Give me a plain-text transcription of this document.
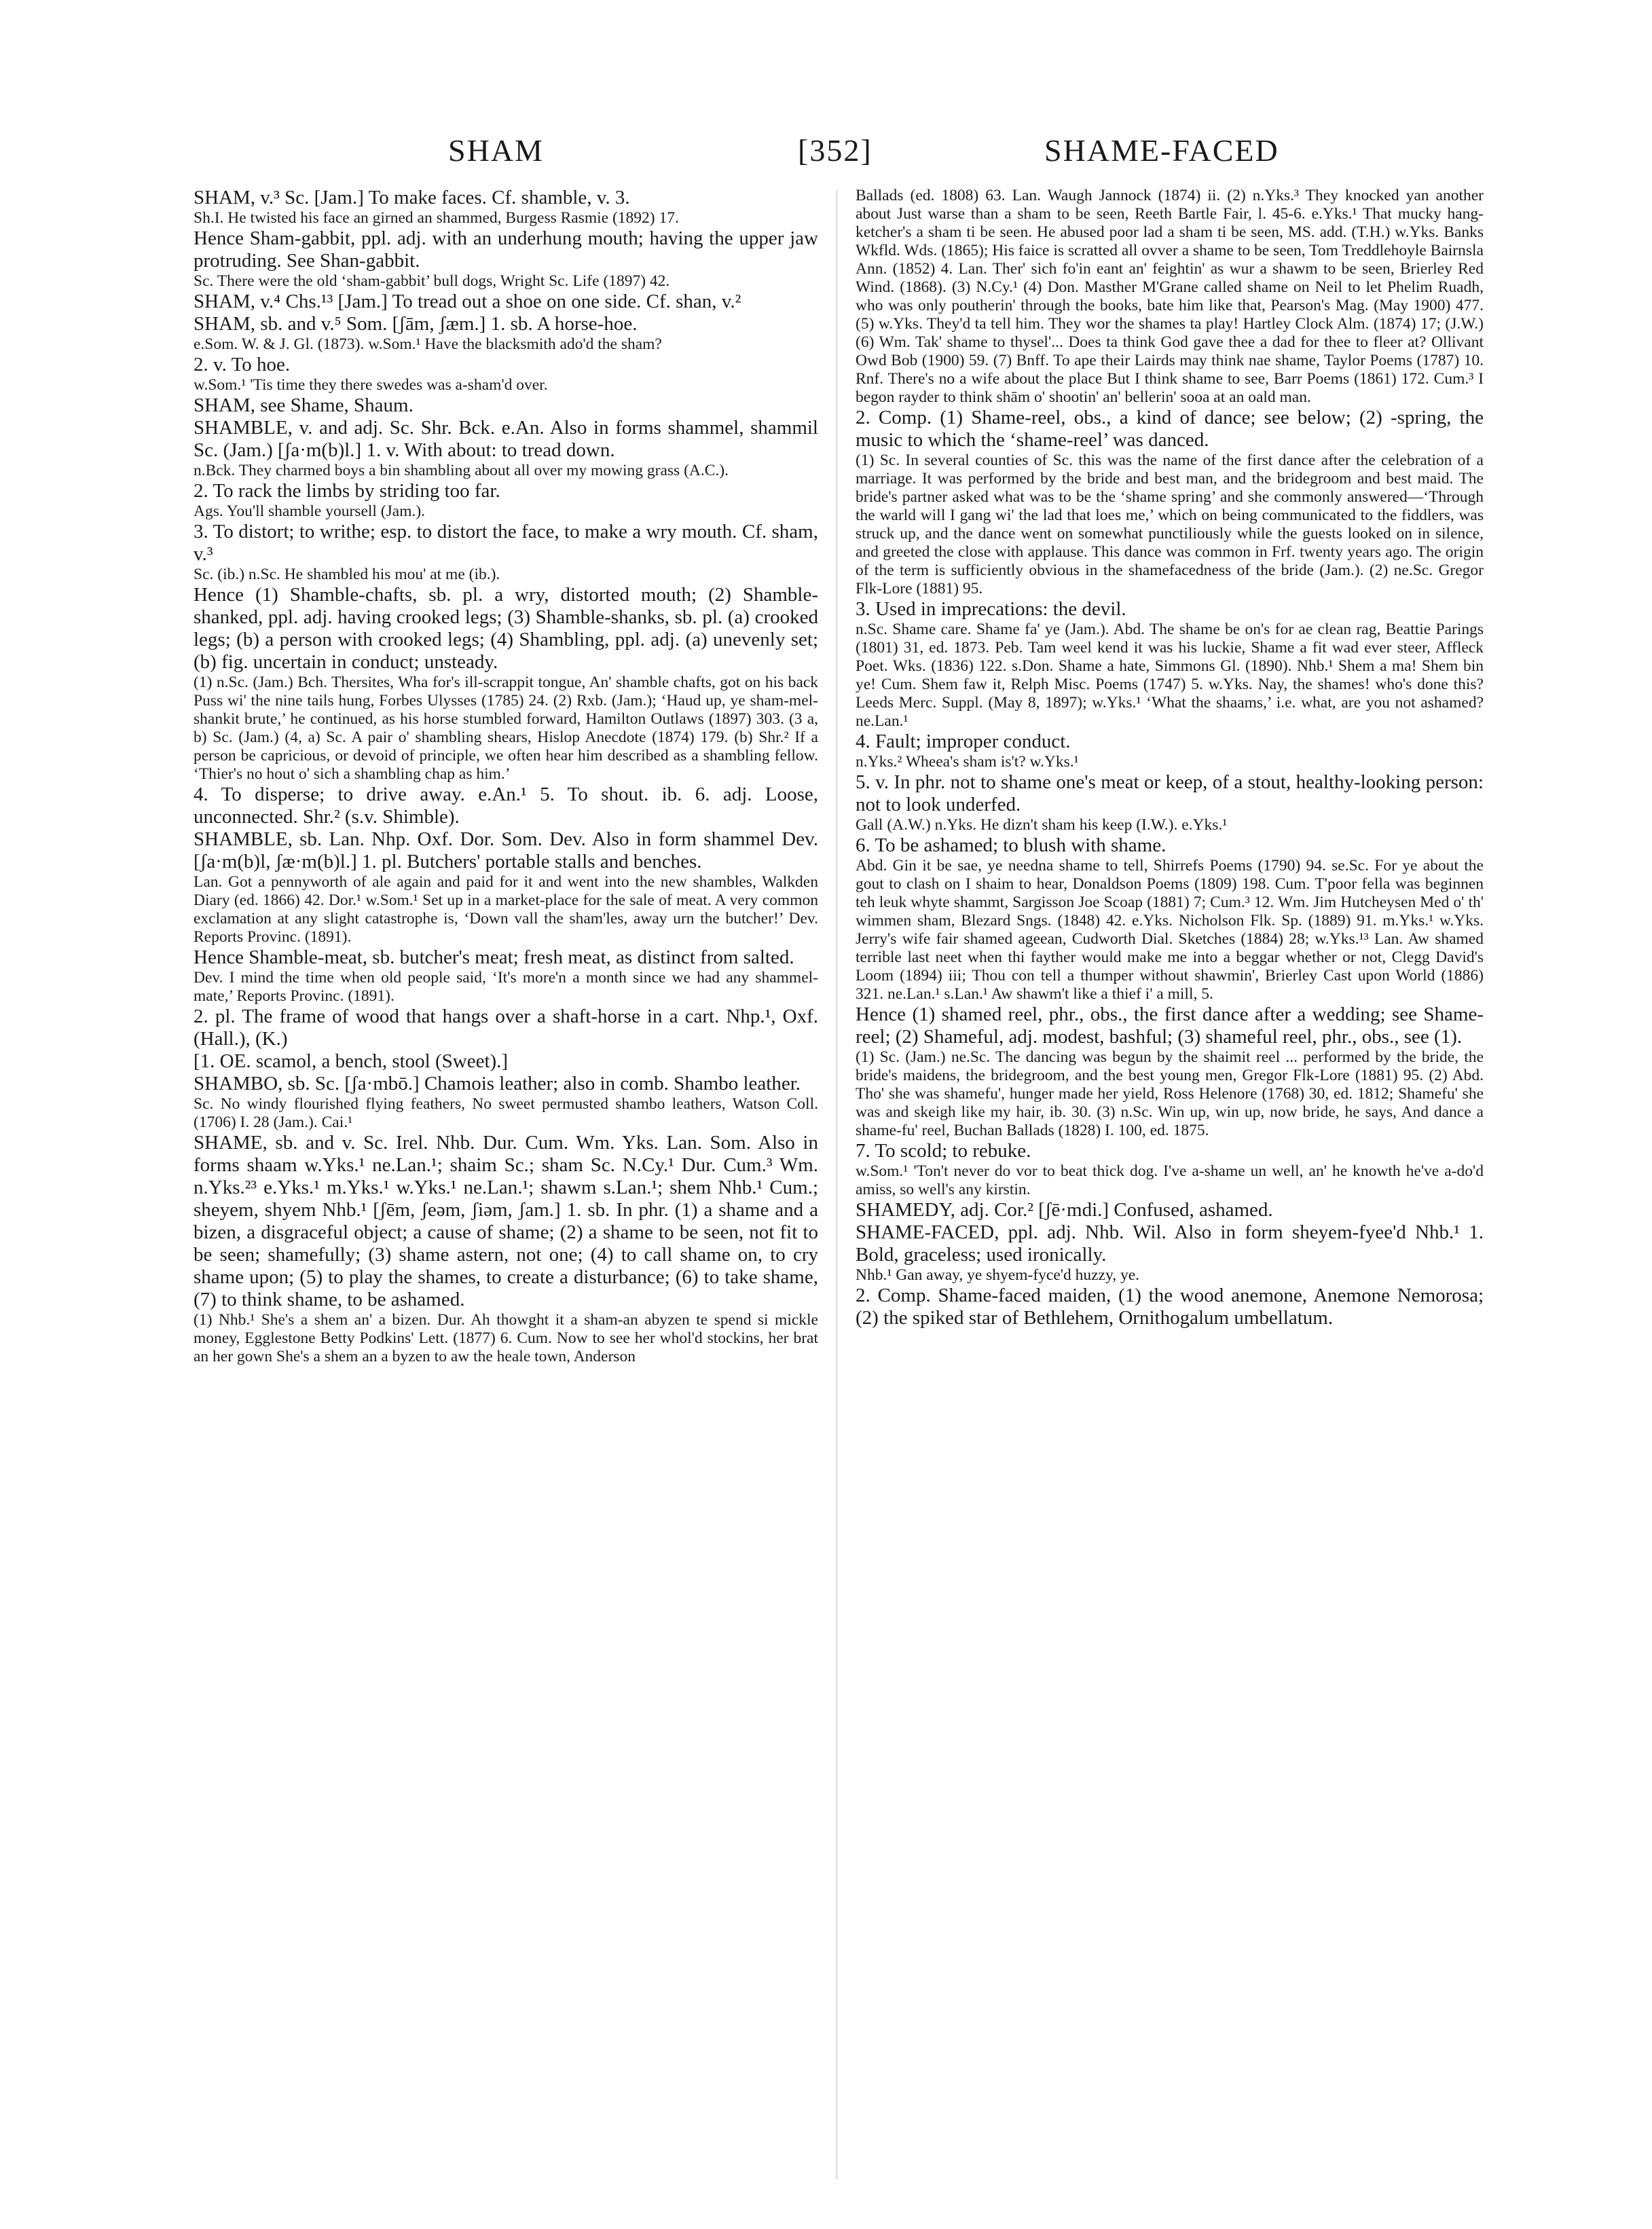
SHAM	[352]	SHAME-FACED

SHAM, v.³ Sc. [Jam.] To make faces. Cf. shamble, v. 3.

Sh.I. He twisted his face an girned an shammed, Burgess Rasmie (1892) 17.

Hence Sham-gabbit, ppl. adj. with an underhung mouth; having the upper jaw protruding. See Shan-gabbit.

Sc. There were the old ‘sham-gabbit’ bull dogs, Wright Sc. Life (1897) 42.

SHAM, v.⁴ Chs.¹³ [Jam.] To tread out a shoe on one side. Cf. shan, v.²

SHAM, sb. and v.⁵ Som. [ʃām, ʃæm.] 1. sb. A horse-hoe.

e.Som. W. & J. Gl. (1873). w.Som.¹ Have the blacksmith ado'd the sham?

2. v. To hoe.

w.Som.¹ 'Tis time they there swedes was a-sham'd over.

SHAM, see Shame, Shaum.

SHAMBLE, v. and adj. Sc. Shr. Bck. e.An. Also in forms shammel, shammil Sc. (Jam.) [ʃa·m(b)l.] 1. v. With about: to tread down.

n.Bck. They charmed boys a bin shambling about all over my mowing grass (A.C.).

2. To rack the limbs by striding too far.

Ags. You'll shamble yoursell (Jam.).

3. To distort; to writhe; esp. to distort the face, to make a wry mouth. Cf. sham, v.³

Sc. (ib.) n.Sc. He shambled his mou' at me (ib.).

Hence (1) Shamble-chafts, sb. pl. a wry, distorted mouth; (2) Shamble-shanked, ppl. adj. having crooked legs; (3) Shamble-shanks, sb. pl. (a) crooked legs; (b) a person with crooked legs; (4) Shambling, ppl. adj. (a) unevenly set; (b) fig. uncertain in conduct; unsteady.

(1) n.Sc. (Jam.) Bch. Thersites, Wha for's ill-scrappit tongue, An' shamble chafts, got on his back Puss wi' the nine tails hung, Forbes Ulysses (1785) 24. (2) Rxb. (Jam.); ‘Haud up, ye sham-mel-shankit brute,’ he continued, as his horse stumbled forward, Hamilton Outlaws (1897) 303. (3 a, b) Sc. (Jam.) (4, a) Sc. A pair o' shambling shears, Hislop Anecdote (1874) 179. (b) Shr.² If a person be capricious, or devoid of principle, we often hear him described as a shambling fellow. ‘Thier's no hout o' sich a shambling chap as him.’

4. To disperse; to drive away. e.An.¹ 5. To shout. ib. 6. adj. Loose, unconnected. Shr.² (s.v. Shimble).

SHAMBLE, sb. Lan. Nhp. Oxf. Dor. Som. Dev. Also in form shammel Dev. [ʃa·m(b)l, ʃæ·m(b)l.] 1. pl. Butchers' portable stalls and benches.

Lan. Got a pennyworth of ale again and paid for it and went into the new shambles, Walkden Diary (ed. 1866) 42. Dor.¹ w.Som.¹ Set up in a market-place for the sale of meat. A very common exclamation at any slight catastrophe is, ‘Down vall the sham'les, away urn the butcher!’ Dev. Reports Provinc. (1891).

Hence Shamble-meat, sb. butcher's meat; fresh meat, as distinct from salted.

Dev. I mind the time when old people said, ‘It's more'n a month since we had any shammel-mate,’ Reports Provinc. (1891).

2. pl. The frame of wood that hangs over a shaft-horse in a cart. Nhp.¹, Oxf. (Hall.), (K.)

[1. OE. scamol, a bench, stool (Sweet).]

SHAMBO, sb. Sc. [ʃa·mbō.] Chamois leather; also in comb. Shambo leather.

Sc. No windy flourished flying feathers, No sweet permusted shambo leathers, Watson Coll. (1706) I. 28 (Jam.). Cai.¹

SHAME, sb. and v. Sc. Irel. Nhb. Dur. Cum. Wm. Yks. Lan. Som. Also in forms shaam w.Yks.¹ ne.Lan.¹; shaim Sc.; sham Sc. N.Cy.¹ Dur. Cum.³ Wm. n.Yks.²³ e.Yks.¹ m.Yks.¹ w.Yks.¹ ne.Lan.¹; shawm s.Lan.¹; shem Nhb.¹ Cum.; sheyem, shyem Nhb.¹ [ʃēm, ʃeəm, ʃiəm, ʃam.] 1. sb. In phr. (1) a shame and a bizen, a disgraceful object; a cause of shame; (2) a shame to be seen, not fit to be seen; shamefully; (3) shame astern, not one; (4) to call shame on, to cry shame upon; (5) to play the shames, to create a disturbance; (6) to take shame, (7) to think shame, to be ashamed.

(1) Nhb.¹ She's a shem an' a bizen. Dur. Ah thowght it a sham-an abyzen te spend si mickle money, Egglestone Betty Podkins' Lett. (1877) 6. Cum. Now to see her whol'd stockins, her brat an her gown She's a shem an a byzen to aw the heale town, Anderson

Ballads (ed. 1808) 63. Lan. Waugh Jannock (1874) ii. (2) n.Yks.³ They knocked yan another about Just warse than a sham to be seen, Reeth Bartle Fair, l. 45-6. e.Yks.¹ That mucky hang-ketcher's a sham ti be seen. He abused poor lad a sham ti be seen, MS. add. (T.H.) w.Yks. Banks Wkfld. Wds. (1865); His faice is scratted all ovver a shame to be seen, Tom Treddlehoyle Bairnsla Ann. (1852) 4. Lan. Ther' sich fo'in eant an' feightin' as wur a shawm to be seen, Brierley Red Wind. (1868). (3) N.Cy.¹ (4) Don. Masther M'Grane called shame on Neil to let Phelim Ruadh, who was only poutherin' through the books, bate him like that, Pearson's Mag. (May 1900) 477. (5) w.Yks. They'd ta tell him. They wor the shames ta play! Hartley Clock Alm. (1874) 17; (J.W.) (6) Wm. Tak' shame to thysel'... Does ta think God gave thee a dad for thee to fleer at? Ollivant Owd Bob (1900) 59. (7) Bnff. To ape their Lairds may think nae shame, Taylor Poems (1787) 10. Rnf. There's no a wife about the place But I think shame to see, Barr Poems (1861) 172. Cum.³ I begon rayder to think shām o' shootin' an' bellerin' sooa at an oald man.

2. Comp. (1) Shame-reel, obs., a kind of dance; see below; (2) -spring, the music to which the ‘shame-reel’ was danced.

(1) Sc. In several counties of Sc. this was the name of the first dance after the celebration of a marriage. It was performed by the bride and best man, and the bridegroom and best maid. The bride's partner asked what was to be the ‘shame spring’ and she commonly answered—‘Through the warld will I gang wi' the lad that loes me,’ which on being communicated to the fiddlers, was struck up, and the dance went on somewhat punctiliously while the guests looked on in silence, and greeted the close with applause. This dance was common in Frf. twenty years ago. The origin of the term is sufficiently obvious in the shamefacedness of the bride (Jam.). (2) ne.Sc. Gregor Flk-Lore (1881) 95.

3. Used in imprecations: the devil.

n.Sc. Shame care. Shame fa' ye (Jam.). Abd. The shame be on's for ae clean rag, Beattie Parings (1801) 31, ed. 1873. Peb. Tam weel kend it was his luckie, Shame a fit wad ever steer, Affleck Poet. Wks. (1836) 122. s.Don. Shame a hate, Simmons Gl. (1890). Nhb.¹ Shem a ma! Shem bin ye! Cum. Shem faw it, Relph Misc. Poems (1747) 5. w.Yks. Nay, the shames! who's done this? Leeds Merc. Suppl. (May 8, 1897); w.Yks.¹ ‘What the shaams,’ i.e. what, are you not ashamed? ne.Lan.¹

4. Fault; improper conduct.

n.Yks.² Wheea's sham is't? w.Yks.¹

5. v. In phr. not to shame one's meat or keep, of a stout, healthy-looking person: not to look underfed.

Gall (A.W.) n.Yks. He dizn't sham his keep (I.W.). e.Yks.¹

6. To be ashamed; to blush with shame.

Abd. Gin it be sae, ye needna shame to tell, Shirrefs Poems (1790) 94. se.Sc. For ye about the gout to clash on I shaim to hear, Donaldson Poems (1809) 198. Cum. T'poor fella was beginnen teh leuk whyte shammt, Sargisson Joe Scoap (1881) 7; Cum.³ 12. Wm. Jim Hutcheysen Med o' th' wimmen sham, Blezard Sngs. (1848) 42. e.Yks. Nicholson Flk. Sp. (1889) 91. m.Yks.¹ w.Yks. Jerry's wife fair shamed ageean, Cudworth Dial. Sketches (1884) 28; w.Yks.¹³ Lan. Aw shamed terrible last neet when thi fayther would make me into a beggar whether or not, Clegg David's Loom (1894) iii; Thou con tell a thumper without shawmin', Brierley Cast upon World (1886) 321. ne.Lan.¹ s.Lan.¹ Aw shawm't like a thief i' a mill, 5.

Hence (1) shamed reel, phr., obs., the first dance after a wedding; see Shame-reel; (2) Shameful, adj. modest, bashful; (3) shameful reel, phr., obs., see (1).

(1) Sc. (Jam.) ne.Sc. The dancing was begun by the shaimit reel ... performed by the bride, the bride's maidens, the bridegroom, and the best young men, Gregor Flk-Lore (1881) 95. (2) Abd. Tho' she was shamefu', hunger made her yield, Ross Helenore (1768) 30, ed. 1812; Shamefu' she was and skeigh like my hair, ib. 30. (3) n.Sc. Win up, win up, now bride, he says, And dance a shame-fu' reel, Buchan Ballads (1828) I. 100, ed. 1875.

7. To scold; to rebuke.

w.Som.¹ 'Ton't never do vor to beat thick dog. I've a-shame un well, an' he knowth he've a-do'd amiss, so well's any kirstin.

SHAMEDY, adj. Cor.² [ʃē·mdi.] Confused, ashamed.

SHAME-FACED, ppl. adj. Nhb. Wil. Also in form sheyem-fyee'd Nhb.¹ 1. Bold, graceless; used ironically.

Nhb.¹ Gan away, ye shyem-fyce'd huzzy, ye.

2. Comp. Shame-faced maiden, (1) the wood anemone, Anemone Nemorosa; (2) the spiked star of Bethlehem, Ornithogalum umbellatum.
